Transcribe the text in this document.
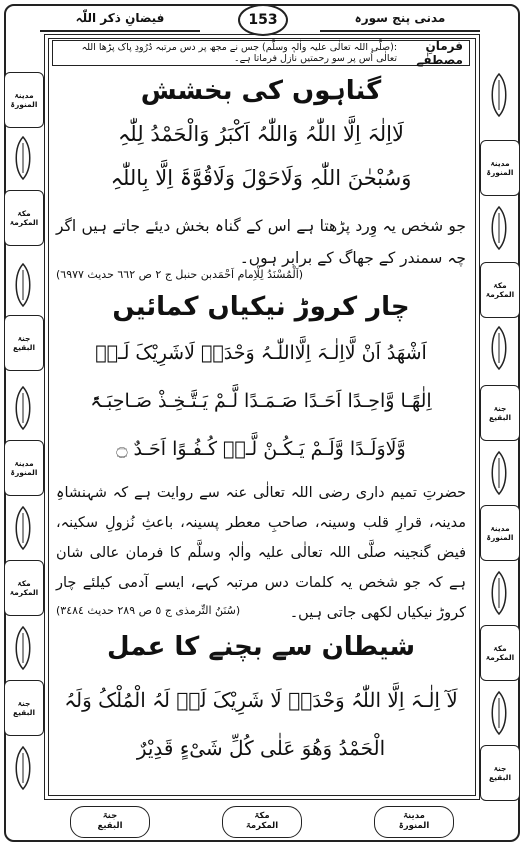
فیضانِ ذکر اللّٰہ	153	مدنی پنج سورہ
فرمانِ مصطفٰے
:(صلَّی اللہ تعالٰی علیہ واٰلہٖ وسلَّم) جس نے مجھ پر دس مرتبہ دُرُودِ پاک پڑھا اللہ تعالٰی اُس پر سو رحمتیں نازل فرماتا ہے۔
مدینۃ
المنورۃ
مکۃ
المکرمۃ
جنۃ
البقیع
مدینۃ
المنورۃ
مکۃ
المکرمۃ
جنۃ
البقیع
مدینۃ
المنورۃ
مکۃ
المکرمۃ
جنۃ
البقیع
مدینۃ
المنورۃ
مکۃ
المکرمۃ
جنۃ
البقیع
جنۃ
البقیع
مکۃ
المکرمۃ
مدینۃ
المنورۃ
گناہوں کی بخشش
لَااِلٰہَ اِلَّا اللّٰہُ وَاللّٰہُ اَکْبَرُ وَالْحَمْدُ لِلّٰہِ
وَسُبْحٰنَ اللّٰہِ وَلَاحَوْلَ وَلَاقُوَّۃَ اِلَّا بِاللّٰہِ
جو شخص یہ وِرد پڑھتا ہے اس کے گناہ بخش دیئے جاتے ہیں اگر چہ سمندر کے جھاگ کے برابر ہوں۔
(اَلْمُسْنَدُ لِلْاِمام اَحْمَدبن حنبل ج ٢ ص ٦٦٢ حدیث ٦٩٧٧)
چار کروڑ نیکیاں کمائیں
اَشْھَدُ اَنْ لَّااِلٰـہَ اِلَّااللّٰـہُ وَحْدَہٗ لَاشَرِیْکَ لَـہٗ
اِلٰھًـا وَّاحِـدًا اَحَـدًا صَـمَـدًا لَّـمْ یَـتَّـخِـذْ صَـاحِبَـۃً
وَّلَاوَلَـدًا وَّلَـمْ یَـکُـنْ لَّـہٗ کُـفُـوًا اَحَـدٌ ۝
حضرتِ تمیم داری رضی اللہ تعالٰی عنہ سے روایت ہے کہ شہنشاہِ مدینہ، قرارِ قلب وسینہ، صاحبِ معطر پسینہ، باعثِ نُزولِ سکینہ، فیض گنجینہ صلَّی اللہ تعالٰی علیہ واٰلہٖ وسلَّم کا فرمان عالی شان ہے کہ جو شخص یہ کلمات دس مرتبہ کہے، ایسے آدمی کیلئے چار کروڑ نیکیاں لکھی جاتی ہیں۔
(سُنَنُ التِّرمذی ج ٥ ص ٢٨٩ حدیث ٣٤٨٤)
شیطان سے بچنے کا عمل
لَآ اِلٰـہَ اِلَّا اللّٰہُ وَحْدَہٗ لَا شَرِیْکَ لَہٗ لَہُ الْمُلْکُ وَلَہُ
الْحَمْدُ وَھُوَ عَلٰی کُلِّ شَیْءٍ قَدِیْرٌ
